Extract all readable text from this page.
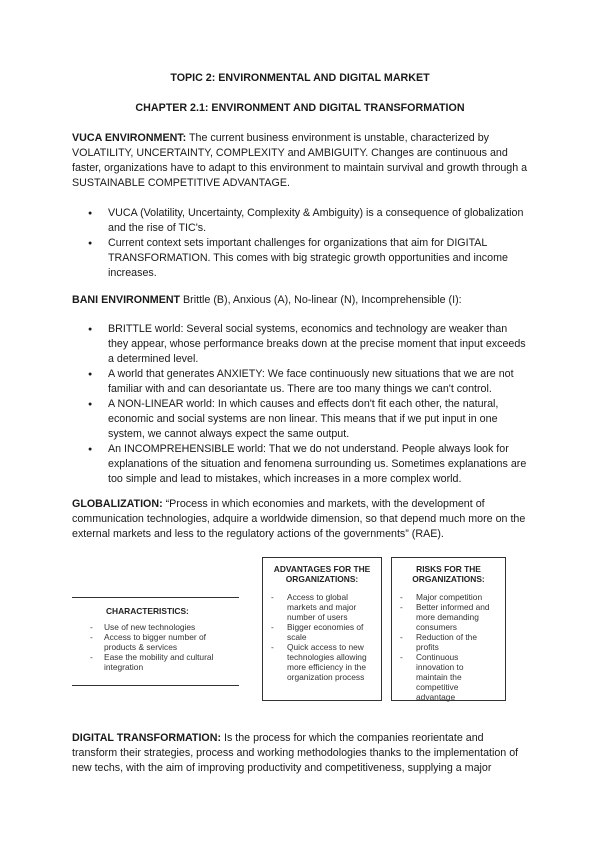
TOPIC 2: ENVIRONMENTAL AND DIGITAL MARKET
CHAPTER 2.1: ENVIRONMENT AND DIGITAL TRANSFORMATION
VUCA ENVIRONMENT: The current business environment is unstable, characterized by VOLATILITY, UNCERTAINTY, COMPLEXITY and AMBIGUITY. Changes are continuous and faster, organizations have to adapt to this environment to maintain survival and growth through a SUSTAINABLE COMPETITIVE ADVANTAGE.
● VUCA (Volatility, Uncertainty, Complexity & Ambiguity) is a consequence of globalization and the rise of TIC's.
● Current context sets important challenges for organizations that aim for DIGITAL TRANSFORMATION. This comes with big strategic growth opportunities and income increases.
BANI ENVIRONMENT Brittle (B), Anxious (A), No-linear (N), Incomprehensible (I):
● BRITTLE world: Several social systems, economics and technology are weaker than they appear, whose performance breaks down at the precise moment that input exceeds a determined level.
● A world that generates ANXIETY: We face continuously new situations that we are not familiar with and can desoriantate us. There are too many things we can't control.
● A NON-LINEAR world: In which causes and effects don't fit each other, the natural, economic and social systems are non linear. This means that if we put input in one system, we cannot always expect the same output.
● An INCOMPREHENSIBLE world: That we do not understand. People always look for explanations of the situation and fenomena surrounding us. Sometimes explanations are too simple and lead to mistakes, which increases in a more complex world.
GLOBALIZATION: “Process in which economies and markets, with the development of communication technologies, adquire a worldwide dimension, so that depend much more on the external markets and less to the regulatory actions of the governments” (RAE).
CHARACTERISTICS:
- Use of new technologies
- Access to bigger number of products & services
- Ease the mobility and cultural integration
ADVANTAGES FOR THE ORGANIZATIONS:
- Access to global markets and major number of users
- Bigger economies of scale
- Quick access to new technologies allowing more efficiency in the organization process
RISKS FOR THE ORGANIZATIONS:
- Major competition
- Better informed and more demanding consumers
- Reduction of the profits
- Continuous innovation to maintain the competitive advantage
DIGITAL TRANSFORMATION: Is the process for which the companies reorientate and transform their strategies, process and working methodologies thanks to the implementation of new techs, with the aim of improving productivity and competitiveness, supplying a major
